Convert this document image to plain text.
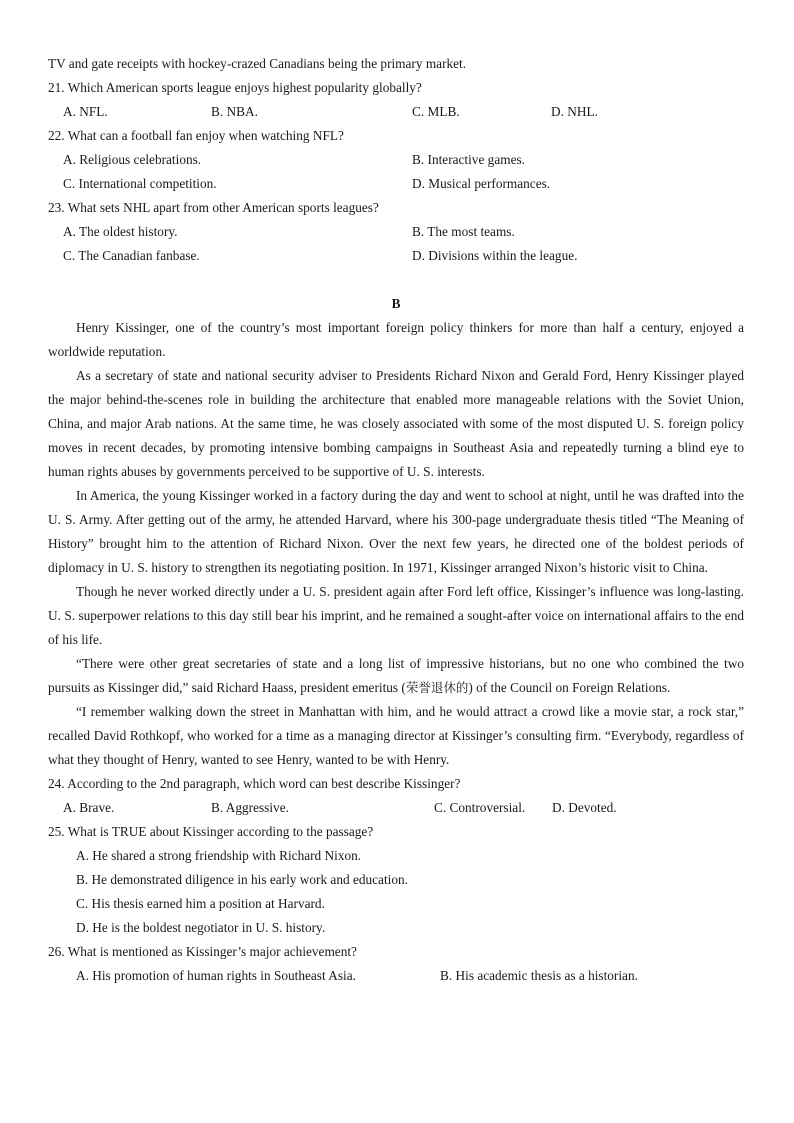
TV and gate receipts with hockey-crazed Canadians being the primary market.
21. Which American sports league enjoys highest popularity globally?
A. NFL.	B. NBA.	C. MLB.	D. NHL.
22. What can a football fan enjoy when watching NFL?
A. Religious celebrations.	B. Interactive games.
C. International competition.	D. Musical performances.
23. What sets NHL apart from other American sports leagues?
A. The oldest history.	B. The most teams.
C. The Canadian fanbase.	D. Divisions within the league.
B

Henry Kissinger, one of the country’s most important foreign policy thinkers for more than half a century, enjoyed a worldwide reputation.

As a secretary of state and national security adviser to Presidents Richard Nixon and Gerald Ford, Henry Kissinger played the major behind-the-scenes role in building the architecture that enabled more manageable relations with the Soviet Union, China, and major Arab nations. At the same time, he was closely associated with some of the most disputed U. S. foreign policy moves in recent decades, by promoting intensive bombing campaigns in Southeast Asia and repeatedly turning a blind eye to human rights abuses by governments perceived to be supportive of U. S. interests.

In America, the young Kissinger worked in a factory during the day and went to school at night, until he was drafted into the U. S. Army. After getting out of the army, he attended Harvard, where his 300-page undergraduate thesis titled “The Meaning of History” brought him to the attention of Richard Nixon. Over the next few years, he directed one of the boldest periods of diplomacy in U. S. history to strengthen its negotiating position. In 1971, Kissinger arranged Nixon’s historic visit to China.

Though he never worked directly under a U. S. president again after Ford left office, Kissinger’s influence was long-lasting. U. S. superpower relations to this day still bear his imprint, and he remained a sought-after voice on international affairs to the end of his life.

“There were other great secretaries of state and a long list of impressive historians, but no one who combined the two pursuits as Kissinger did,” said Richard Haass, president emeritus (荣誉退休的) of the Council on Foreign Relations.

“I remember walking down the street in Manhattan with him, and he would attract a crowd like a movie star, a rock star,” recalled David Rothkopf, who worked for a time as a managing director at Kissinger’s consulting firm. “Everybody, regardless of what they thought of Henry, wanted to see Henry, wanted to be with Henry.

24. According to the 2nd paragraph, which word can best describe Kissinger?
A. Brave.	B. Aggressive.	C. Controversial. D. Devoted.
25. What is TRUE about Kissinger according to the passage?
A. He shared a strong friendship with Richard Nixon.
B. He demonstrated diligence in his early work and education.
C. His thesis earned him a position at Harvard.
D. He is the boldest negotiator in U. S. history.
26. What is mentioned as Kissinger’s major achievement?
A. His promotion of human rights in Southeast Asia.	B. His academic thesis as a historian.
